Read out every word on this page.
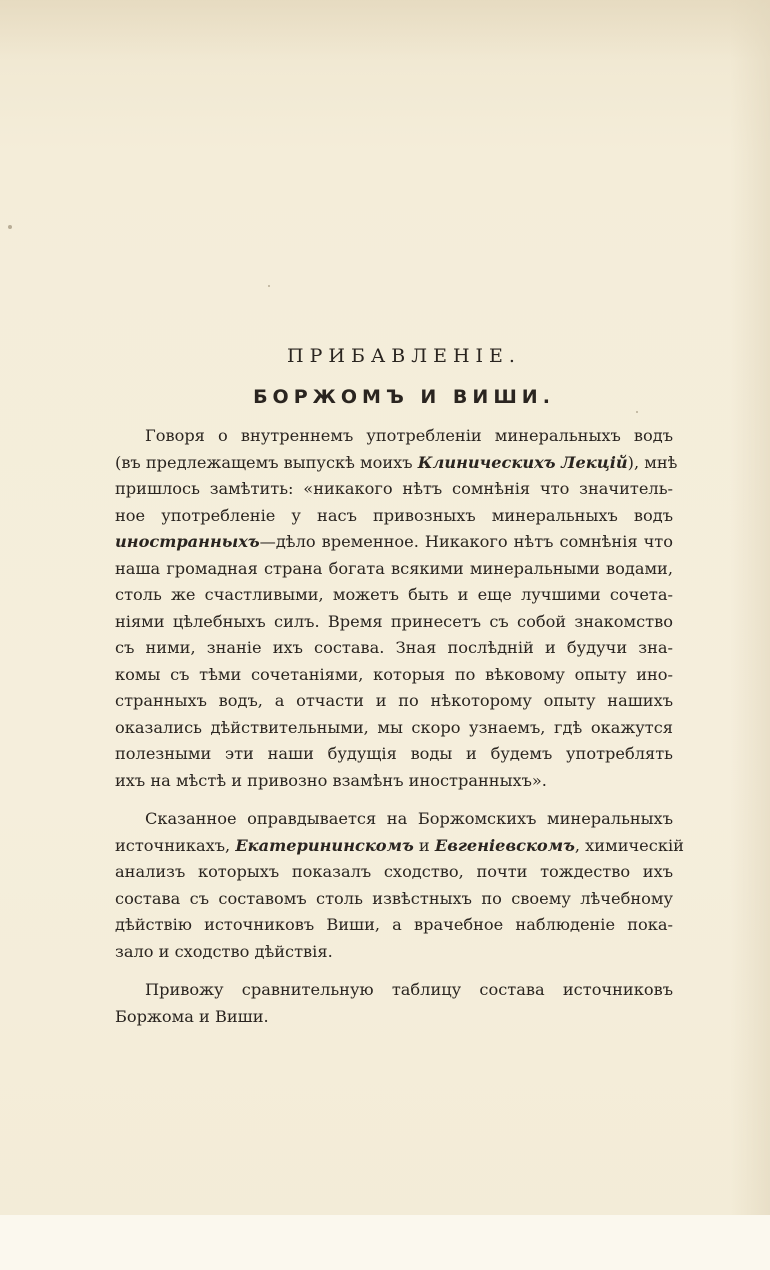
ПРИБАВЛЕНІЕ.
БОРЖОМЪ И ВИШИ.

Говоря о внутреннемъ употребленіи минеральныхъ водъ
(въ предлежащемъ выпускѣ моихъ Клиническихъ Лекцій), мнѣ
пришлось замѣтить: «никакого нѣтъ сомнѣнія что значитель-
ное употребленіе у насъ привозныхъ минеральныхъ водъ
иностранныхъ—дѣло временное. Никакого нѣтъ сомнѣнія что
наша громадная страна богата всякими минеральными водами,
столь же счастливыми, можетъ быть и еще лучшими сочета-
ніями цѣлебныхъ силъ. Время принесетъ съ собой знакомство
съ ними, знаніе ихъ состава. Зная послѣдній и будучи зна-
комы съ тѣми сочетаніями, которыя по вѣковому опыту ино-
странныхъ водъ, а отчасти и по нѣкоторому опыту нашихъ
оказались дѣйствительными, мы скоро узнаемъ, гдѣ окажутся
полезными эти наши будущія воды и будемъ употреблять
ихъ на мѣстѣ и привозно взамѣнъ иностранныхъ».

Сказанное оправдывается на Боржомскихъ минеральныхъ
источникахъ, Екатерининскомъ и Евгеніевскомъ, химическій
анализъ которыхъ показалъ сходство, почти тождество ихъ
состава съ составомъ столь извѣстныхъ по своему лѣчебному
дѣйствію источниковъ Виши, а врачебное наблюденіе пока-
зало и сходство дѣйствія.

Привожу сравнительную таблицу состава источниковъ
Боржома и Виши.
